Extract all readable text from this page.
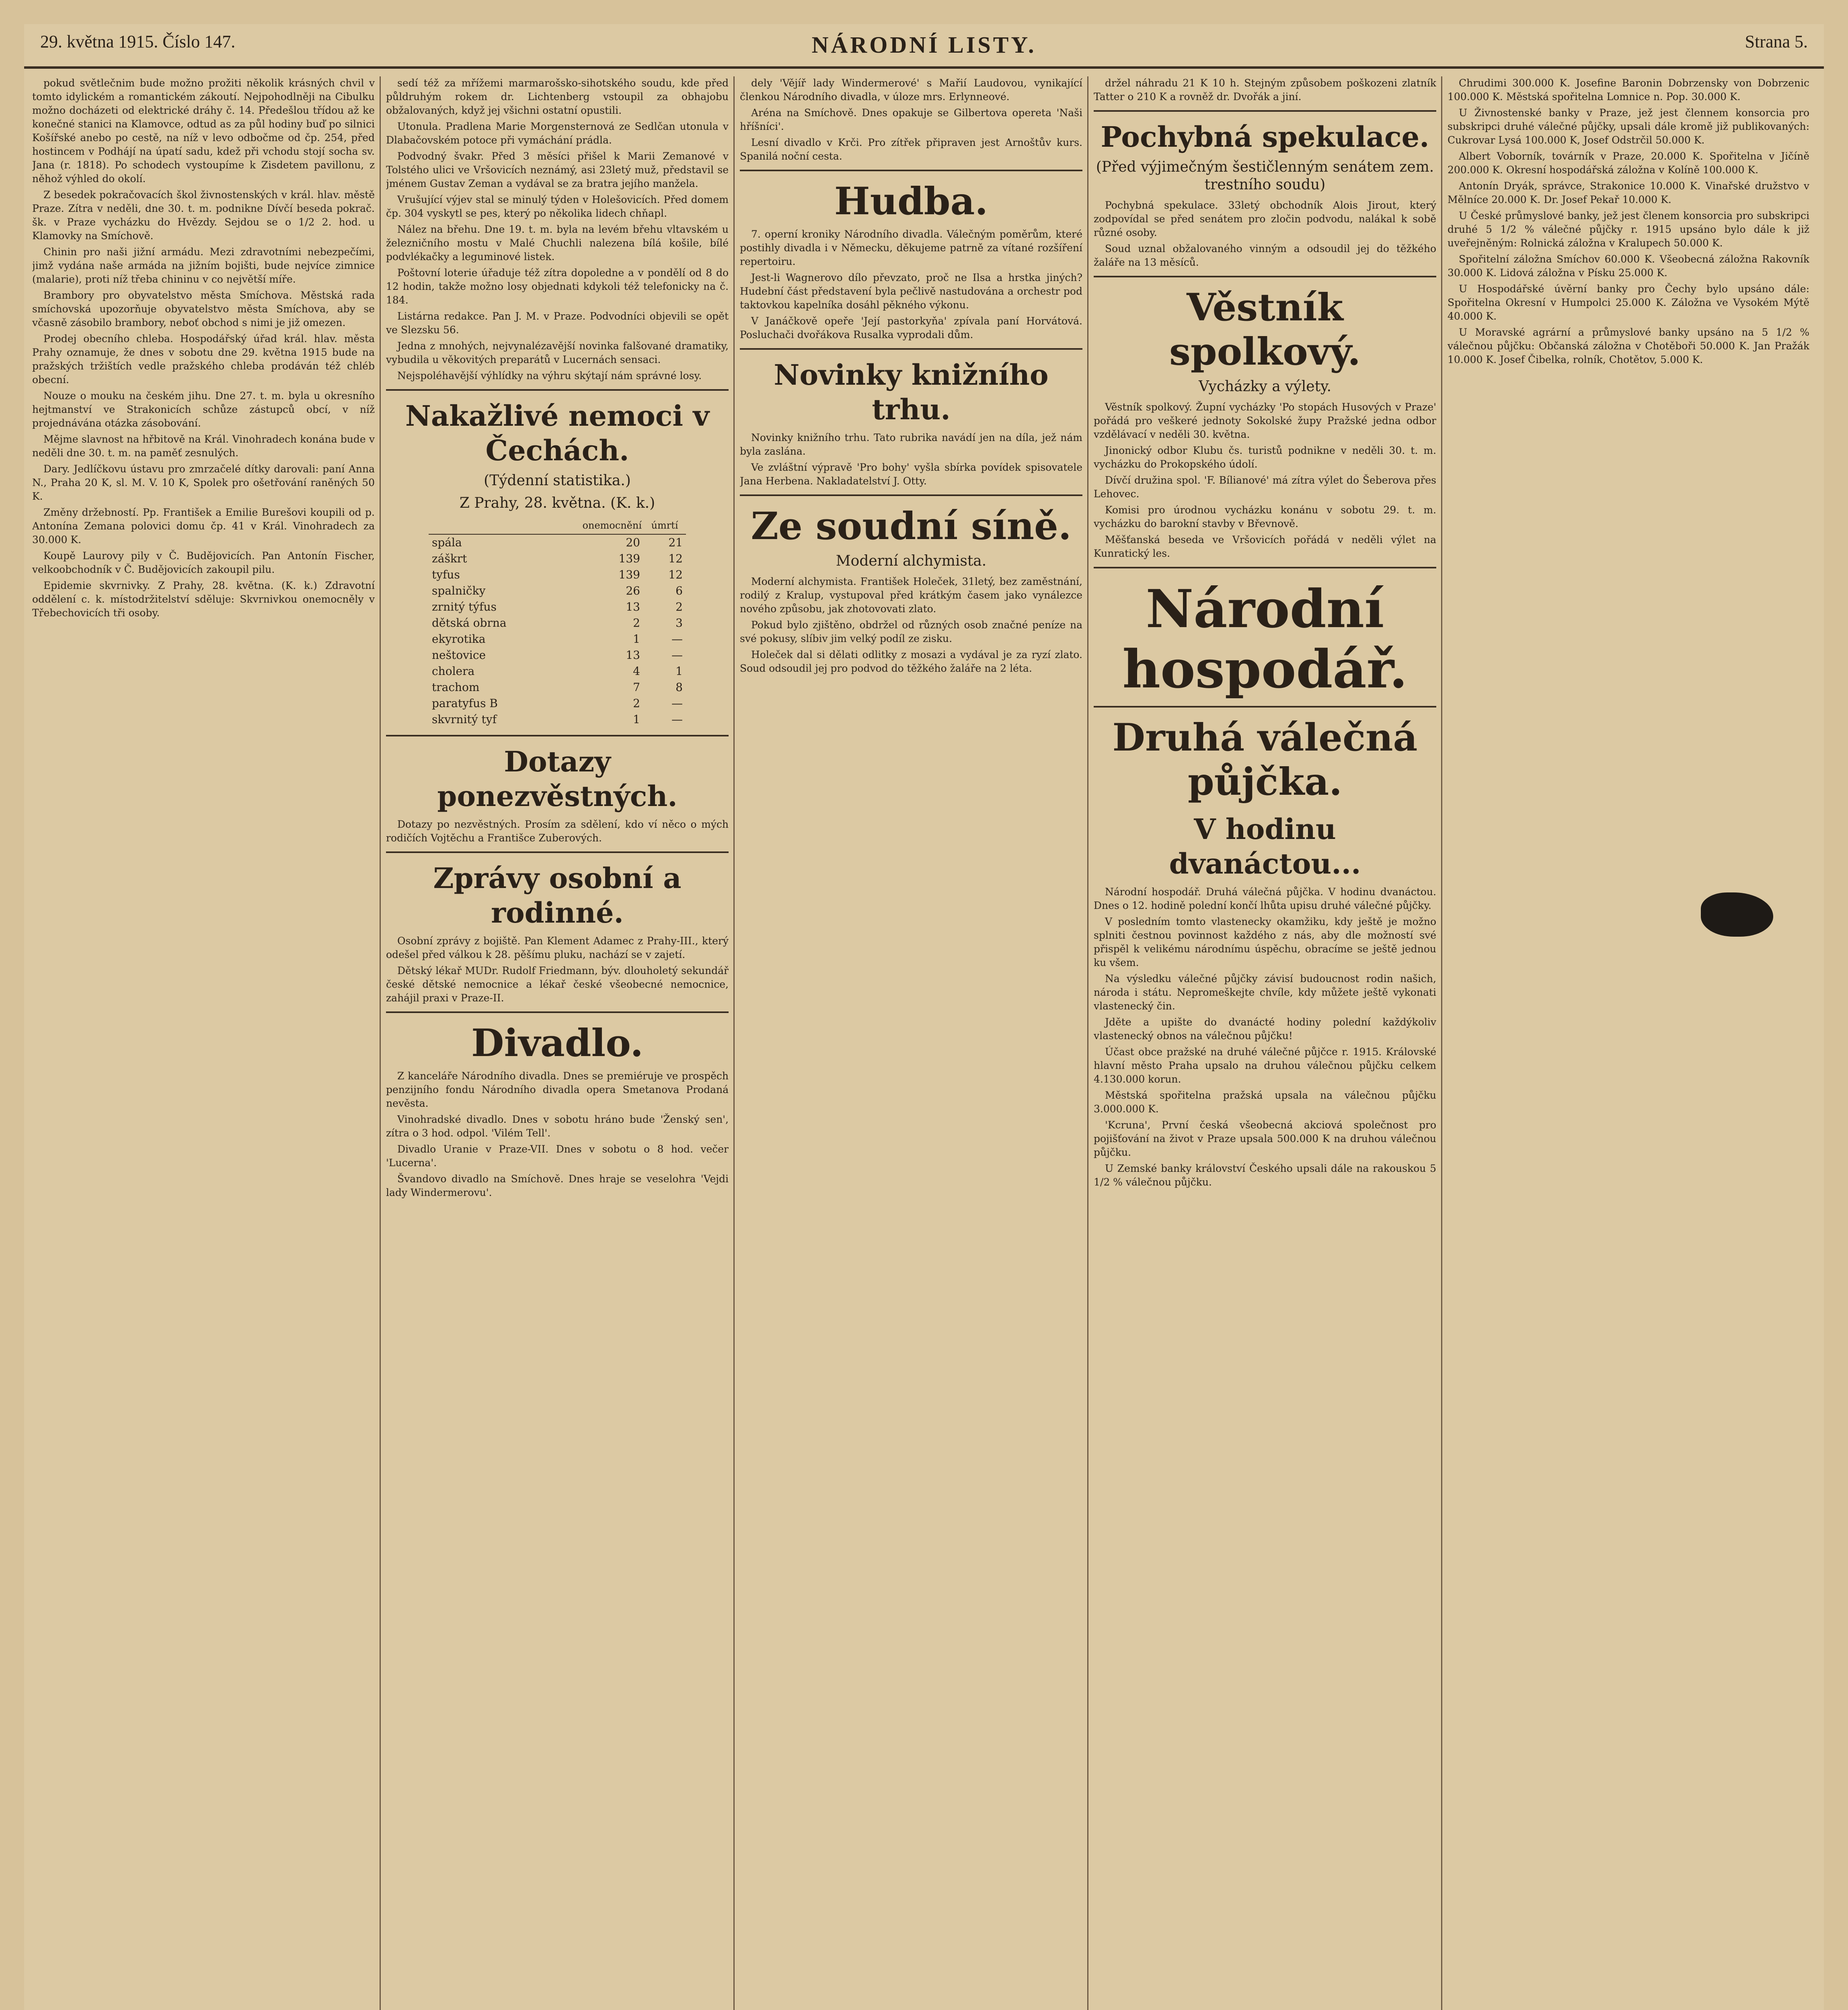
29. května 1915. Číslo 147.	NÁRODNÍ LISTY.	Strana 5.

pokud světlečnim bude možno prožiti několik krásných chvil v tomto idylickém a romantickém zákoutí. Nejpohodlněji na Cibulku možno docházeti od elektrické dráhy č. 14. Předešlou třídou až ke konečné stanici na Klamovce, odtud as za půl hodiny buď po silnici Košířské anebo po cestě, na níž v levo odbočme od čp. 254, před hostincem v Podhájí na úpatí sadu, kdež při vchodu stojí socha sv. Jana (r. 1818). Po schodech vystoupíme k Zisdetem pavillonu, z něhož výhled do okolí.

Z besedek pokračovacích škol živnostenských v král. hlav. městě Praze. Zítra v neděli, dne 30. t. m. podnikne Dívčí beseda pokrač. šk. v Praze vycházku do Hvězdy. Sejdou se o 1/2 2. hod. u Klamovky na Smíchově.

Chinin pro naši jižní armádu. Mezi zdravotními nebezpečími, jimž vydána naše armáda na jižním bojišti, bude nejvíce zimnice (malarie), proti níž třeba chininu v co největší míře.

Brambory pro obyvatelstvo města Smíchova. Městská rada smíchovská upozorňuje obyvatelstvo města Smíchova, aby se včasně zásobilo brambory, neboť obchod s nimi je již omezen.

Prodej obecního chleba. Hospodářský úřad král. hlav. města Prahy oznamuje, že dnes v sobotu dne 29. května 1915 bude na pražských tržištích vedle pražského chleba prodáván též chléb obecní.

Nouze o mouku na českém jihu. Dne 27. t. m. byla u okresního hejtmanství ve Strakonicích schůze zástupců obcí, v níž projednávána otázka zásobování.

Mějme slavnost na hřbitově na Král. Vinohradech konána bude v neděli dne 30. t. m. na paměť zesnulých.

Dary. Jedlíčkovu ústavu pro zmrzačelé dítky darovali: paní Anna N., Praha 20 K, sl. M. V. 10 K, Spolek pro ošetřování raněných 50 K.

Změny držebností. Pp. František a Emilie Burešovi koupili od p. Antonína Zemana polovici domu čp. 41 v Král. Vinohradech za 30.000 K.

Koupě Laurovy pily v Č. Budějovicích. Pan Antonín Fischer, velkoobchodník v Č. Budějovicích zakoupil pilu.

Epidemie skvrnivky. Z Prahy, 28. května. (K. k.) Zdravotní oddělení c. k. místodržitelství sděluje: Skvrnivkou onemocněly v Třebechovicích tři osoby.

sedí též za mřížemi marmarošsko-sihotského soudu, kde před půldruhým rokem dr. Lichtenberg vstoupil za obhajobu obžalovaných, když jej všichni ostatní opustili.

Utonula. Pradlena Marie Morgensternová ze Sedlčan utonula v Dlabačovském potoce při vymáchání prádla.

Podvodný švakr. Před 3 měsíci přišel k Marii Zemanové v Tolstého ulici ve Vršovicích neznámý, asi 23letý muž, představil se jménem Gustav Zeman a vydával se za bratra jejího manžela.

Vrušující výjev stal se minulý týden v Holešovicích. Před domem čp. 304 vyskytl se pes, který po několika lidech chňapl.

Nález na břehu. Dne 19. t. m. byla na levém břehu vltavském u železničního mostu v Malé Chuchli nalezena bílá košile, bílé podvlékačky a leguminové listek.

Poštovní loterie úřaduje též zítra dopoledne a v pondělí od 8 do 12 hodin, takže možno losy objednati kdykoli též telefonicky na č. 184.

Listárna redakce. Pan J. M. v Praze. Podvodníci objevili se opět ve Slezsku 56.

Jedna z mnohých, nejvynalézavější novinka falšované dramatiky, vybudila u věkovitých preparátů v Lucernách sensaci.

Nejspoléhavější výhlídky na výhru skýtají nám správné losy.

Nakažlivé nemoci v Čechách.
(Týdenní statistika.)
Z Prahy, 28. května. (K. k.)
	onemocnění	úmrtí
spála	20	21
záškrt	139	12
tyfus	139	12
spalničky	26	6
zrnitý týfus	13	2
dětská obrna	2	3
ekyrotika	1	—
neštovice	13	—
cholera	4	1
trachom	7	8
paratyfus B	2	—
skvrnitý tyf	1	—
Dotazy ponezvěstných.

Dotazy po nezvěstných. Prosím za sdělení, kdo ví něco o mých rodičích Vojtěchu a Františce Zuberových.

Zprávy osobní a rodinné.

Osobní zprávy z bojiště. Pan Klement Adamec z Prahy-III., který odešel před válkou k 28. pěšímu pluku, nachází se v zajetí.

Dětský lékař MUDr. Rudolf Friedmann, býv. dlouholetý sekundář české dětské nemocnice a lékař české všeobecné nemocnice, zahájil praxi v Praze-II.

Divadlo.

Z kanceláře Národního divadla. Dnes se premiéruje ve prospěch penzijního fondu Národního divadla opera Smetanova Prodaná nevěsta.

Vinohradské divadlo. Dnes v sobotu hráno bude 'Ženský sen', zítra o 3 hod. odpol. 'Vilém Tell'.

Divadlo Uranie v Praze-VII. Dnes v sobotu o 8 hod. večer 'Lucerna'.

Švandovo divadlo na Smíchově. Dnes hraje se veselohra 'Vejdi lady Windermerovu'.

dely 'Vějíř lady Windermerové' s Mařií Laudovou, vynikající členkou Národního divadla, v úloze mrs. Erlynneové.

Aréna na Smíchově. Dnes opakuje se Gilbertova opereta 'Naši hříšníci'.

Lesní divadlo v Krči. Pro zítřek připraven jest Arnoštův kurs. Spanilá noční cesta.

Hudba.

7. operní kroniky Národního divadla. Válečným poměrům, které postihly divadla i v Německu, děkujeme patrně za vítané rozšíření repertoiru.

Jest-li Wagnerovo dílo převzato, proč ne Ilsa a hrstka jiných? Hudební část představení byla pečlivě nastudována a orchestr pod taktovkou kapelníka dosáhl pěkného výkonu.

V Janáčkově opeře 'Její pastorkyňa' zpívala paní Horvátová. Posluchači dvořákova Rusalka vyprodali dům.

Novinky knižního trhu.

Novinky knižního trhu. Tato rubrika navádí jen na díla, jež nám byla zaslána.

Ve zvláštní výpravě 'Pro bohy' vyšla sbírka povídek spisovatele Jana Herbena. Nakladatelství J. Otty.

Ze soudní síně.
Moderní alchymista.

Moderní alchymista. František Holeček, 31letý, bez zaměstnání, rodilý z Kralup, vystupoval před krátkým časem jako vynálezce nového způsobu, jak zhotovovati zlato.

Pokud bylo zjištěno, obdržel od různých osob značné peníze na své pokusy, slíbiv jim velký podíl ze zisku.

Holeček dal si dělati odlitky z mosazi a vydával je za ryzí zlato. Soud odsoudil jej pro podvod do těžkého žaláře na 2 léta.

držel náhradu 21 K 10 h. Stejným způsobem poškozeni zlatník Tatter o 210 K a rovněž dr. Dvořák a jiní.

Pochybná spekulace.
(Před výjimečným šestičlenným senátem zem. trestního soudu)

Pochybná spekulace. 33letý obchodník Alois Jirout, který zodpovídal se před senátem pro zločin podvodu, nalákal k sobě různé osoby.

Soud uznal obžalovaného vinným a odsoudil jej do těžkého žaláře na 13 měsíců.

Věstník spolkový.
Vycházky a výlety.

Věstník spolkový. Župní vycházky 'Po stopách Husových v Praze' pořádá pro veškeré jednoty Sokolské župy Pražské jedna odbor vzdělávací v neděli 30. května.

Jinonický odbor Klubu čs. turistů podnikne v neděli 30. t. m. vycházku do Prokopského údolí.

Dívčí družina spol. 'F. Bílianové' má zítra výlet do Šeberova přes Lehovec.

Komisi pro úrodnou vycházku konánu v sobotu 29. t. m. vycházku do barokní stavby v Břevnově.

Měšťanská beseda ve Vršovicích pořádá v neděli výlet na Kunratický les.

Národní hospodář.
Druhá válečná půjčka.
V hodinu dvanáctou...

Národní hospodář. Druhá válečná půjčka. V hodinu dvanáctou. Dnes o 12. hodině polední končí lhůta upisu druhé válečné půjčky.

V posledním tomto vlastenecky okamžiku, kdy ještě je možno splniti čestnou povinnost každého z nás, aby dle možností své přispěl k velikému národnímu úspěchu, obracíme se ještě jednou ku všem.

Na výsledku válečné půjčky závisí budoucnost rodin našich, národa i státu. Nepromeškejte chvíle, kdy můžete ještě vykonati vlastenecký čin.

Jděte a upište do dvanácté hodiny polední každýkoliv vlastenecký obnos na válečnou půjčku!

Účast obce pražské na druhé válečné půjčce r. 1915. Královské hlavní město Praha upsalo na druhou válečnou půjčku celkem 4.130.000 korun.

Městská spořitelna pražská upsala na válečnou půjčku 3.000.000 K.

'Kcruna', První česká všeobecná akciová společnost pro pojišťování na život v Praze upsala 500.000 K na druhou válečnou půjčku.

U Zemské banky království Českého upsali dále na rakouskou 5 1/2 % válečnou půjčku.

Chrudimi 300.000 K. Josefine Baronin Dobrzensky von Dobrzenic 100.000 K. Městská spořitelna Lomnice n. Pop. 30.000 K.

U Živnostenské banky v Praze, jež jest člennem konsorcia pro subskripci druhé válečné půjčky, upsali dále kromě již publikovaných: Cukrovar Lysá 100.000 K, Josef Odstrčil 50.000 K.

Albert Voborník, továrník v Praze, 20.000 K. Spořitelna v Jičíně 200.000 K. Okresní hospodářská záložna v Kolíně 100.000 K.

Antonín Dryák, správce, Strakonice 10.000 K. Vinařské družstvo v Mělníce 20.000 K. Dr. Josef Pekař 10.000 K.

U České průmyslové banky, jež jest členem konsorcia pro subskripci druhé 5 1/2 % válečné půjčky r. 1915 upsáno bylo dále k již uveřejněným: Rolnická záložna v Kralupech 50.000 K.

Spořitelní záložna Smíchov 60.000 K. Všeobecná záložna Rakovník 30.000 K. Lidová záložna v Písku 25.000 K.

U Hospodářské úvěrní banky pro Čechy bylo upsáno dále: Spořitelna Okresní v Humpolci 25.000 K. Záložna ve Vysokém Mýtě 40.000 K.

U Moravské agrární a průmyslové banky upsáno na 5 1/2 % válečnou půjčku: Občanská záložna v Chotěboři 50.000 K. Jan Pražák 10.000 K. Josef Čibelka, rolník, Chotětov, 5.000 K.
